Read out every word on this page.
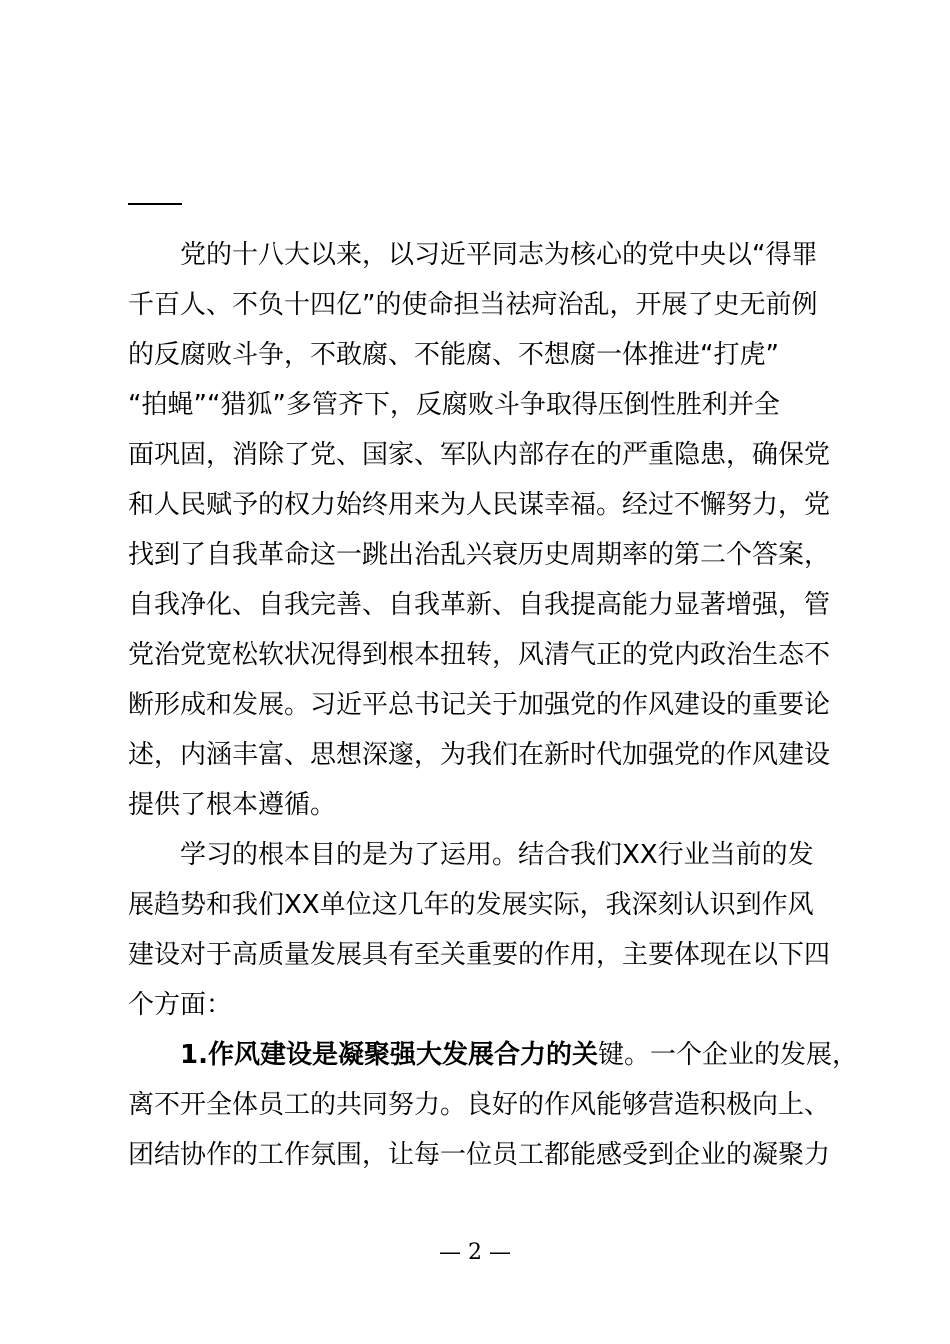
党的十八大以来，以习近平同志为核心的党中央以“得罪
千百人、不负十四亿”的使命担当祛疴治乱，开展了史无前例
的反腐败斗争，不敢腐、不能腐、不想腐一体推进“打虎”
“拍蝇”“猎狐”多管齐下，反腐败斗争取得压倒性胜利并全
面巩固，消除了党、国家、军队内部存在的严重隐患，确保党
和人民赋予的权力始终用来为人民谋幸福。经过不懈努力，党
找到了自我革命这一跳出治乱兴衰历史周期率的第二个答案，
自我净化、自我完善、自我革新、自我提高能力显著增强，管
党治党宽松软状况得到根本扭转，风清气正的党内政治生态不
断形成和发展。习近平总书记关于加强党的作风建设的重要论
述，内涵丰富、思想深邃，为我们在新时代加强党的作风建设
提供了根本遵循。
学习的根本目的是为了运用。结合我们XX行业当前的发
展趋势和我们XX单位这几年的发展实际，我深刻认识到作风
建设对于高质量发展具有至关重要的作用，主要体现在以下四
个方面：
1.作风建设是凝聚强大发展合力的关键。一个企业的发展，
离不开全体员工的共同努力。良好的作风能够营造积极向上、
团结协作的工作氛围，让每一位员工都能感受到企业的凝聚力
— 2 —
